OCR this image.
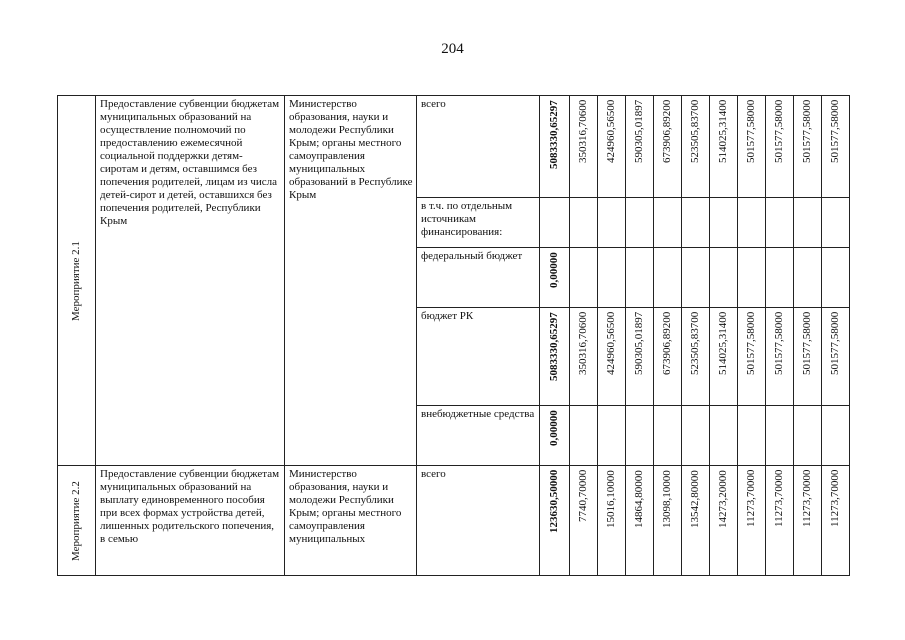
204
Мероприятие 2.1	Предоставление субвенции бюджетам муниципальных образований на осуществление полномочий по предоставлению ежемесячной социальной поддержки детям-сиротам и детям, оставшимся без попечения родителей, лицам из числа детей-сирот и детей, оставшихся без попечения родителей, Республики Крым	Министерство образования, науки и молодежи Республики Крым; органы местного самоуправления муниципальных образований в Республике Крым	всего	5083330,65297	350316,70600	424960,56500	590305,01897	673906,89200	523505,83700	514025,31400	501577,58000	501577,58000	501577,58000	501577,58000

			в т.ч. по отдельным источникам финансирования:											

			федеральный бюджет	0,00000										

			бюджет РК	5083330,65297	350316,70600	424960,56500	590305,01897	673906,89200	523505,83700	514025,31400	501577,58000	501577,58000	501577,58000	501577,58000

			внебюджетные средства	0,00000										

Мероприятие 2.2	Предоставление субвенции бюджетам муниципальных образований на выплату единовременного пособия при всех формах устройства детей, лишенных родительского попечения, в семью	Министерство образования, науки и молодежи Республики Крым; органы местного самоуправления муниципальных	всего	123630,50000	7740,70000	15016,10000	14864,80000	13098,10000	13542,80000	14273,20000	11273,70000	11273,70000	11273,70000	11273,70000
